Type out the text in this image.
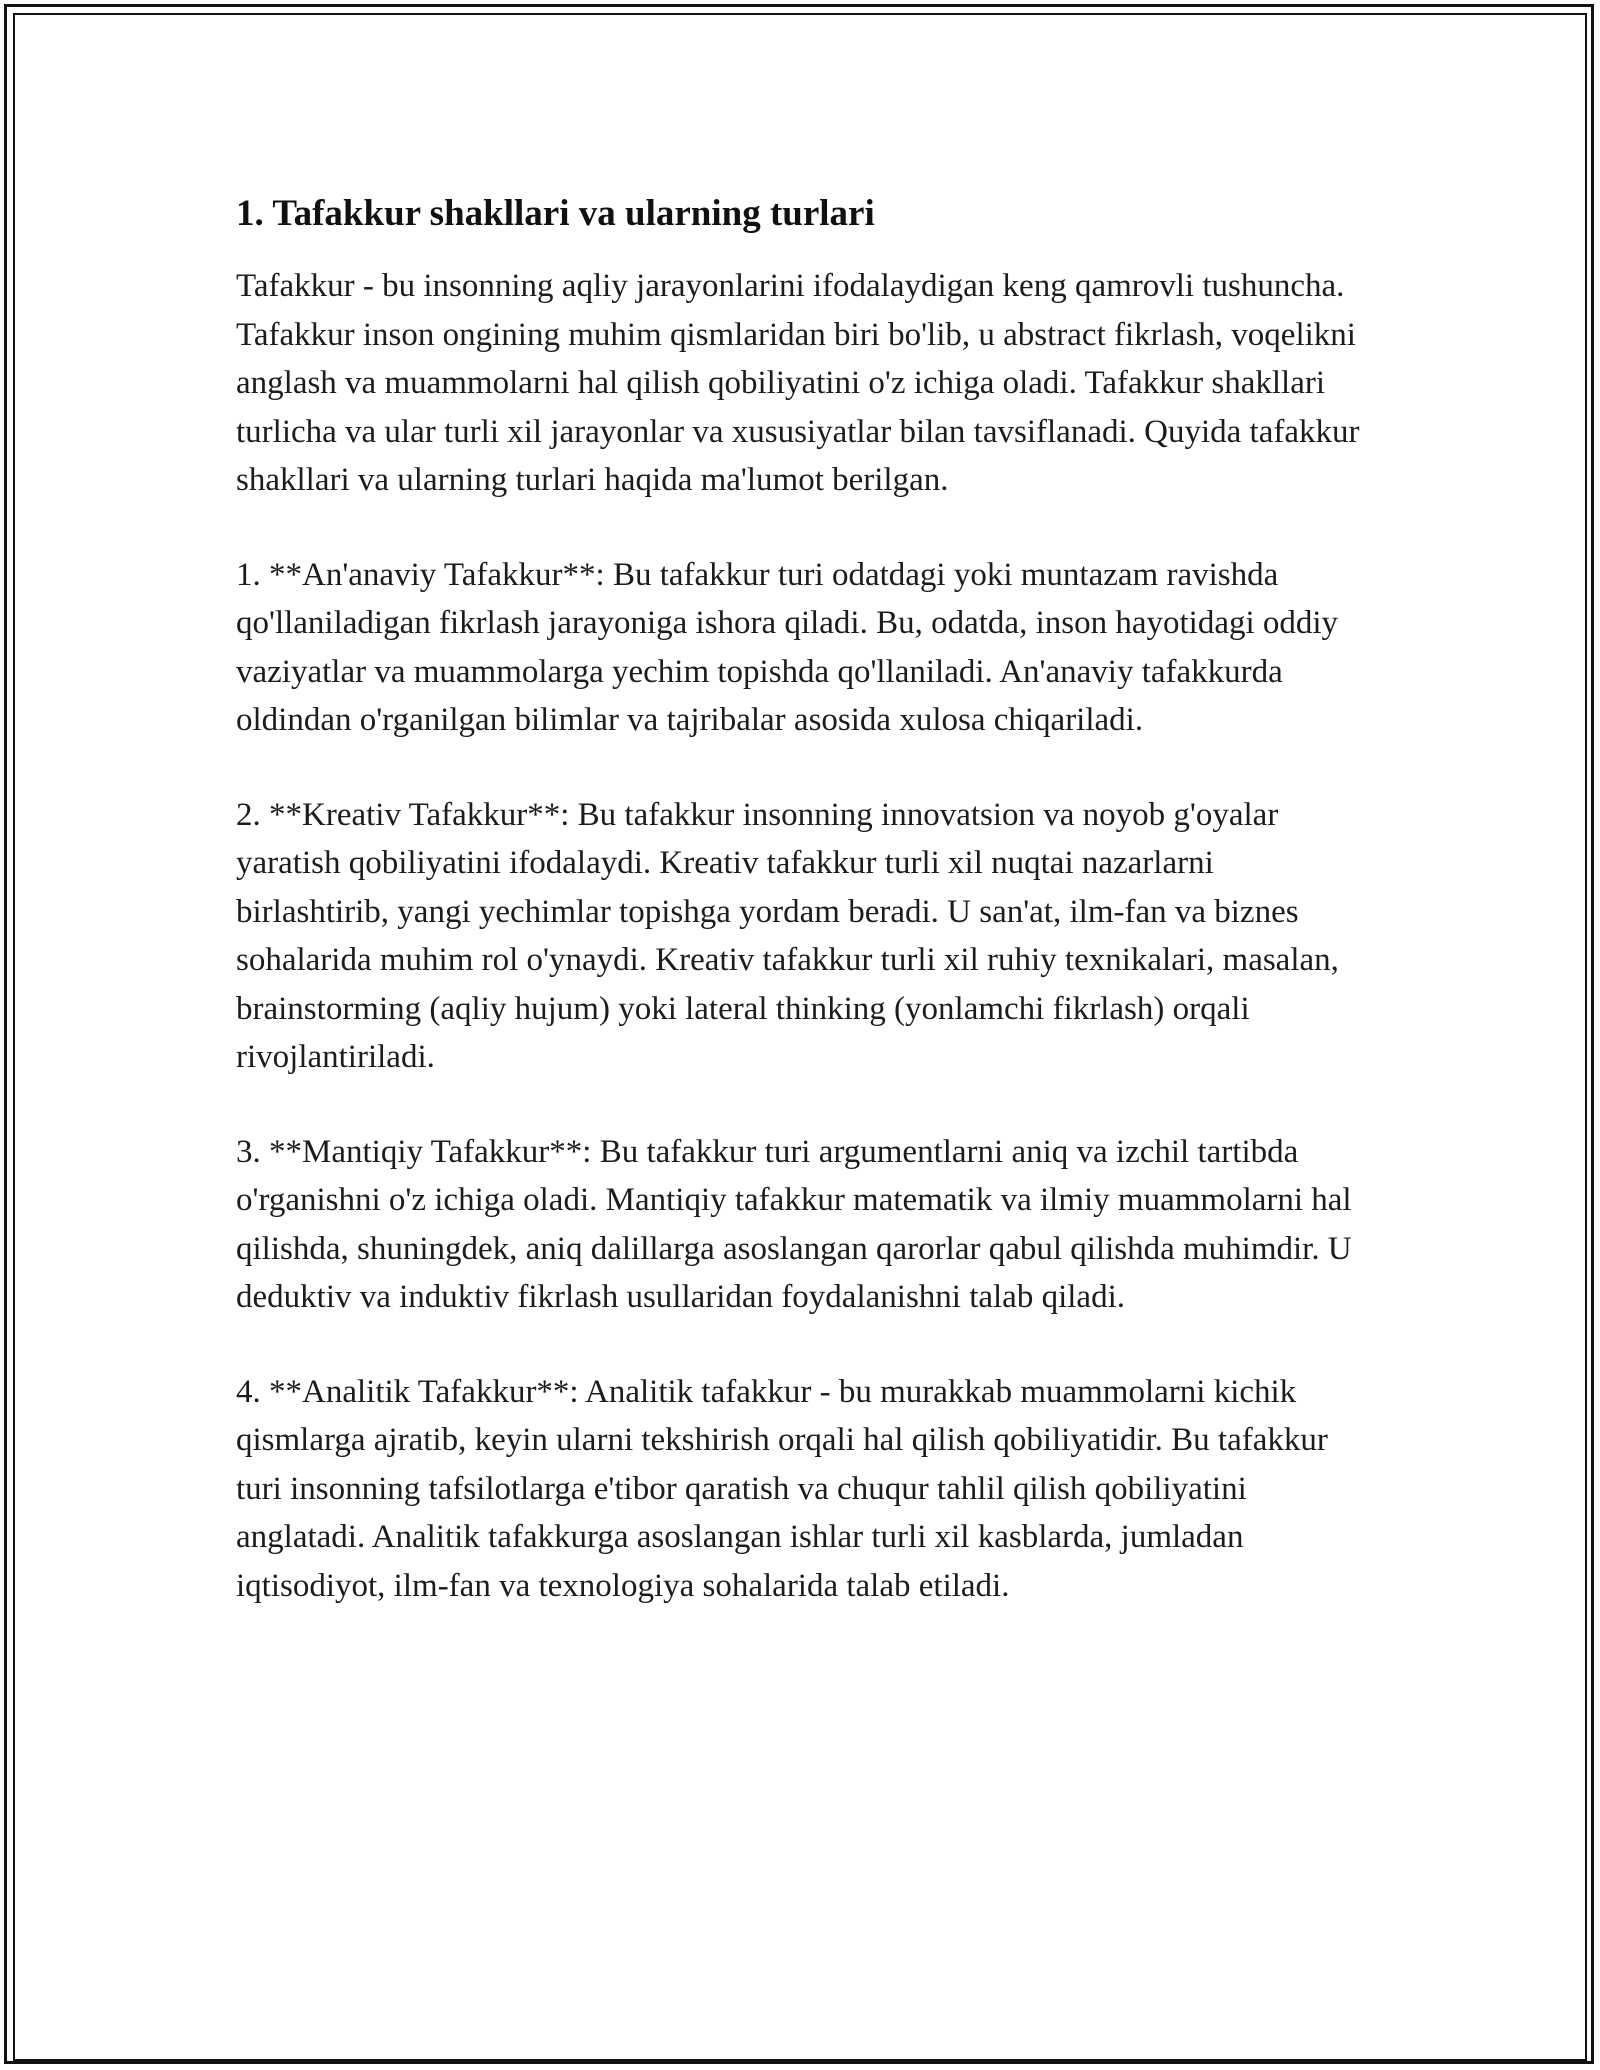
1. Tafakkur shakllari va ularning turlari

Tafakkur - bu insonning aqliy jarayonlarini ifodalaydigan keng qamrovli tushuncha. Tafakkur inson ongining muhim qismlaridan biri bo'lib, u abstract fikrlash, voqelikni anglash va muammolarni hal qilish qobiliyatini o'z ichiga oladi. Tafakkur shakllari turlicha va ular turli xil jarayonlar va xususiyatlar bilan tavsiflanadi. Quyida tafakkur shakllari va ularning turlari haqida ma'lumot berilgan.

1. **An'anaviy Tafakkur**: Bu tafakkur turi odatdagi yoki muntazam ravishda qo'llaniladigan fikrlash jarayoniga ishora qiladi. Bu, odatda, inson hayotidagi oddiy vaziyatlar va muammolarga yechim topishda qo'llaniladi. An'anaviy tafakkurda oldindan o'rganilgan bilimlar va tajribalar asosida xulosa chiqariladi.

2. **Kreativ Tafakkur**: Bu tafakkur insonning innovatsion va noyob g'oyalar yaratish qobiliyatini ifodalaydi. Kreativ tafakkur turli xil nuqtai nazarlarni birlashtirib, yangi yechimlar topishga yordam beradi. U san'at, ilm-fan va biznes sohalarida muhim rol o'ynaydi. Kreativ tafakkur turli xil ruhiy texnikalari, masalan, brainstorming (aqliy hujum) yoki lateral thinking (yonlamchi fikrlash) orqali rivojlantiriladi.

3. **Mantiqiy Tafakkur**: Bu tafakkur turi argumentlarni aniq va izchil tartibda o'rganishni o'z ichiga oladi. Mantiqiy tafakkur matematik va ilmiy muammolarni hal qilishda, shuningdek, aniq dalillarga asoslangan qarorlar qabul qilishda muhimdir. U deduktiv va induktiv fikrlash usullaridan foydalanishni talab qiladi.

4. **Analitik Tafakkur**: Analitik tafakkur - bu murakkab muammolarni kichik qismlarga ajratib, keyin ularni tekshirish orqali hal qilish qobiliyatidir. Bu tafakkur turi insonning tafsilotlarga e'tibor qaratish va chuqur tahlil qilish qobiliyatini anglatadi. Analitik tafakkurga asoslangan ishlar turli xil kasblarda, jumladan iqtisodiyot, ilm-fan va texnologiya sohalarida talab etiladi.
